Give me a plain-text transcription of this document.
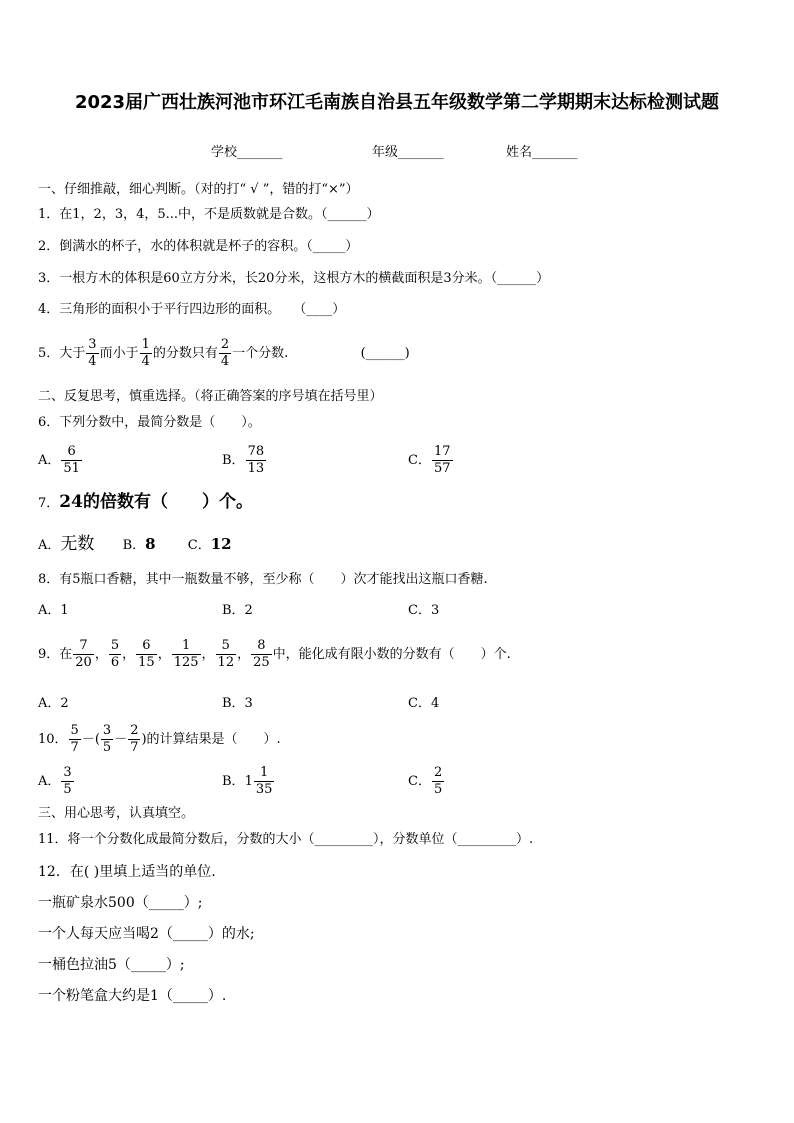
2023届广西壮族河池市环江毛南族自治县五年级数学第二学期期末达标检测试题
学校_______	年级_______	姓名_______
一、仔细推敲，细心判断。（对的打“ √ ”，错的打“×”）
1．在1，2，3，4，5...中，不是质数就是合数。（______）
2．倒满水的杯子，水的体积就是杯子的容积。（_____）
3．一根方木的体积是60立方分米，长20分米，这根方木的横截面积是3分米。（______）
4．三角形的面积小于平行四边形的面积。　　（____）
5．大于 $\frac{3}{4}$ 而小于 $\frac{1}{4}$ 的分数只有 $\frac{2}{4}$ 一个分数.	(______)
二、反复思考，慎重选择。（将正确答案的序号填在括号里）
6．下列分数中，最简分数是（　　）。
A． $\frac{6}{51}$	B． $\frac{78}{13}$	C． $\frac{17}{57}$
7．24的倍数有（　　）个。
A．无数 B．8 C．12
8．有5瓶口香糖，其中一瓶数量不够，至少称（　　）次才能找出这瓶口香糖.
A．1	B．2	C．3
9．在 $\frac{7}{20}$ ， $\frac{5}{6}$ ， $\frac{6}{15}$ ， $\frac{1}{125}$ ， $\frac{5}{12}$ ， $\frac{8}{25}$ 中，能化成有限小数的分数有（　　）个.
A．2	B．3	C．4
10． $\frac{5}{7}$ －( $\frac{3}{5} - \frac{2}{7}$ )的计算结果是（　　）.
A． $\frac{3}{5}$	B． $1 \frac{1}{35}$	C． $\frac{2}{5}$
三、用心思考，认真填空。
11．将一个分数化成最简分数后，分数的大小（_________），分数单位（_________）.
12．在( )里填上适当的单位.
一瓶矿泉水500（_____）;
一个人每天应当喝2（_____）的水;
一桶色拉油5（_____）;
一个粉笔盒大约是1（_____）.
